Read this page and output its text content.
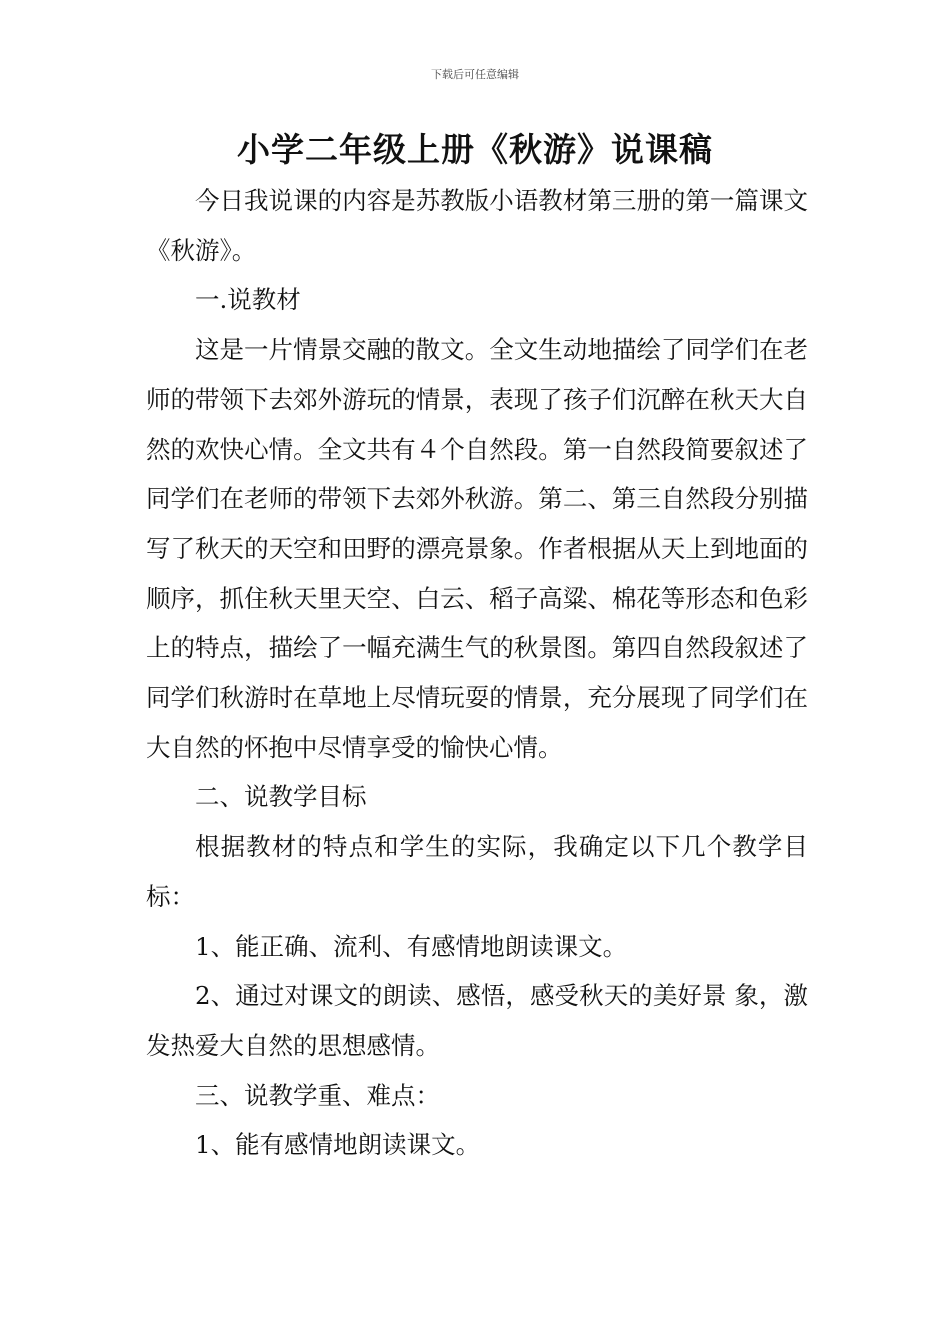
下载后可任意编辑
小学二年级上册《秋游》说课稿

今日我说课的内容是苏教版小语教材第三册的第一篇课文《秋游》。

一.说教材

这是一片情景交融的散文。全文生动地描绘了同学们在老师的带领下去郊外游玩的情景，表现了孩子们沉醉在秋天大自然的欢快心情。全文共有４个自然段。第一自然段简要叙述了同学们在老师的带领下去郊外秋游。第二、第三自然段分别描写了秋天的天空和田野的漂亮景象。作者根据从天上到地面的顺序，抓住秋天里天空、白云、稻子高粱、棉花等形态和色彩上的特点，描绘了一幅充满生气的秋景图。第四自然段叙述了同学们秋游时在草地上尽情玩耍的情景，充分展现了同学们在大自然的怀抱中尽情享受的愉快心情。

二、说教学目标

根据教材的特点和学生的实际，我确定以下几个教学目标：

1、能正确、流利、有感情地朗读课文。

2、通过对课文的朗读、感悟，感受秋天的美好景 象，激发热爱大自然的思想感情。

三、说教学重、难点：

1、能有感情地朗读课文。
